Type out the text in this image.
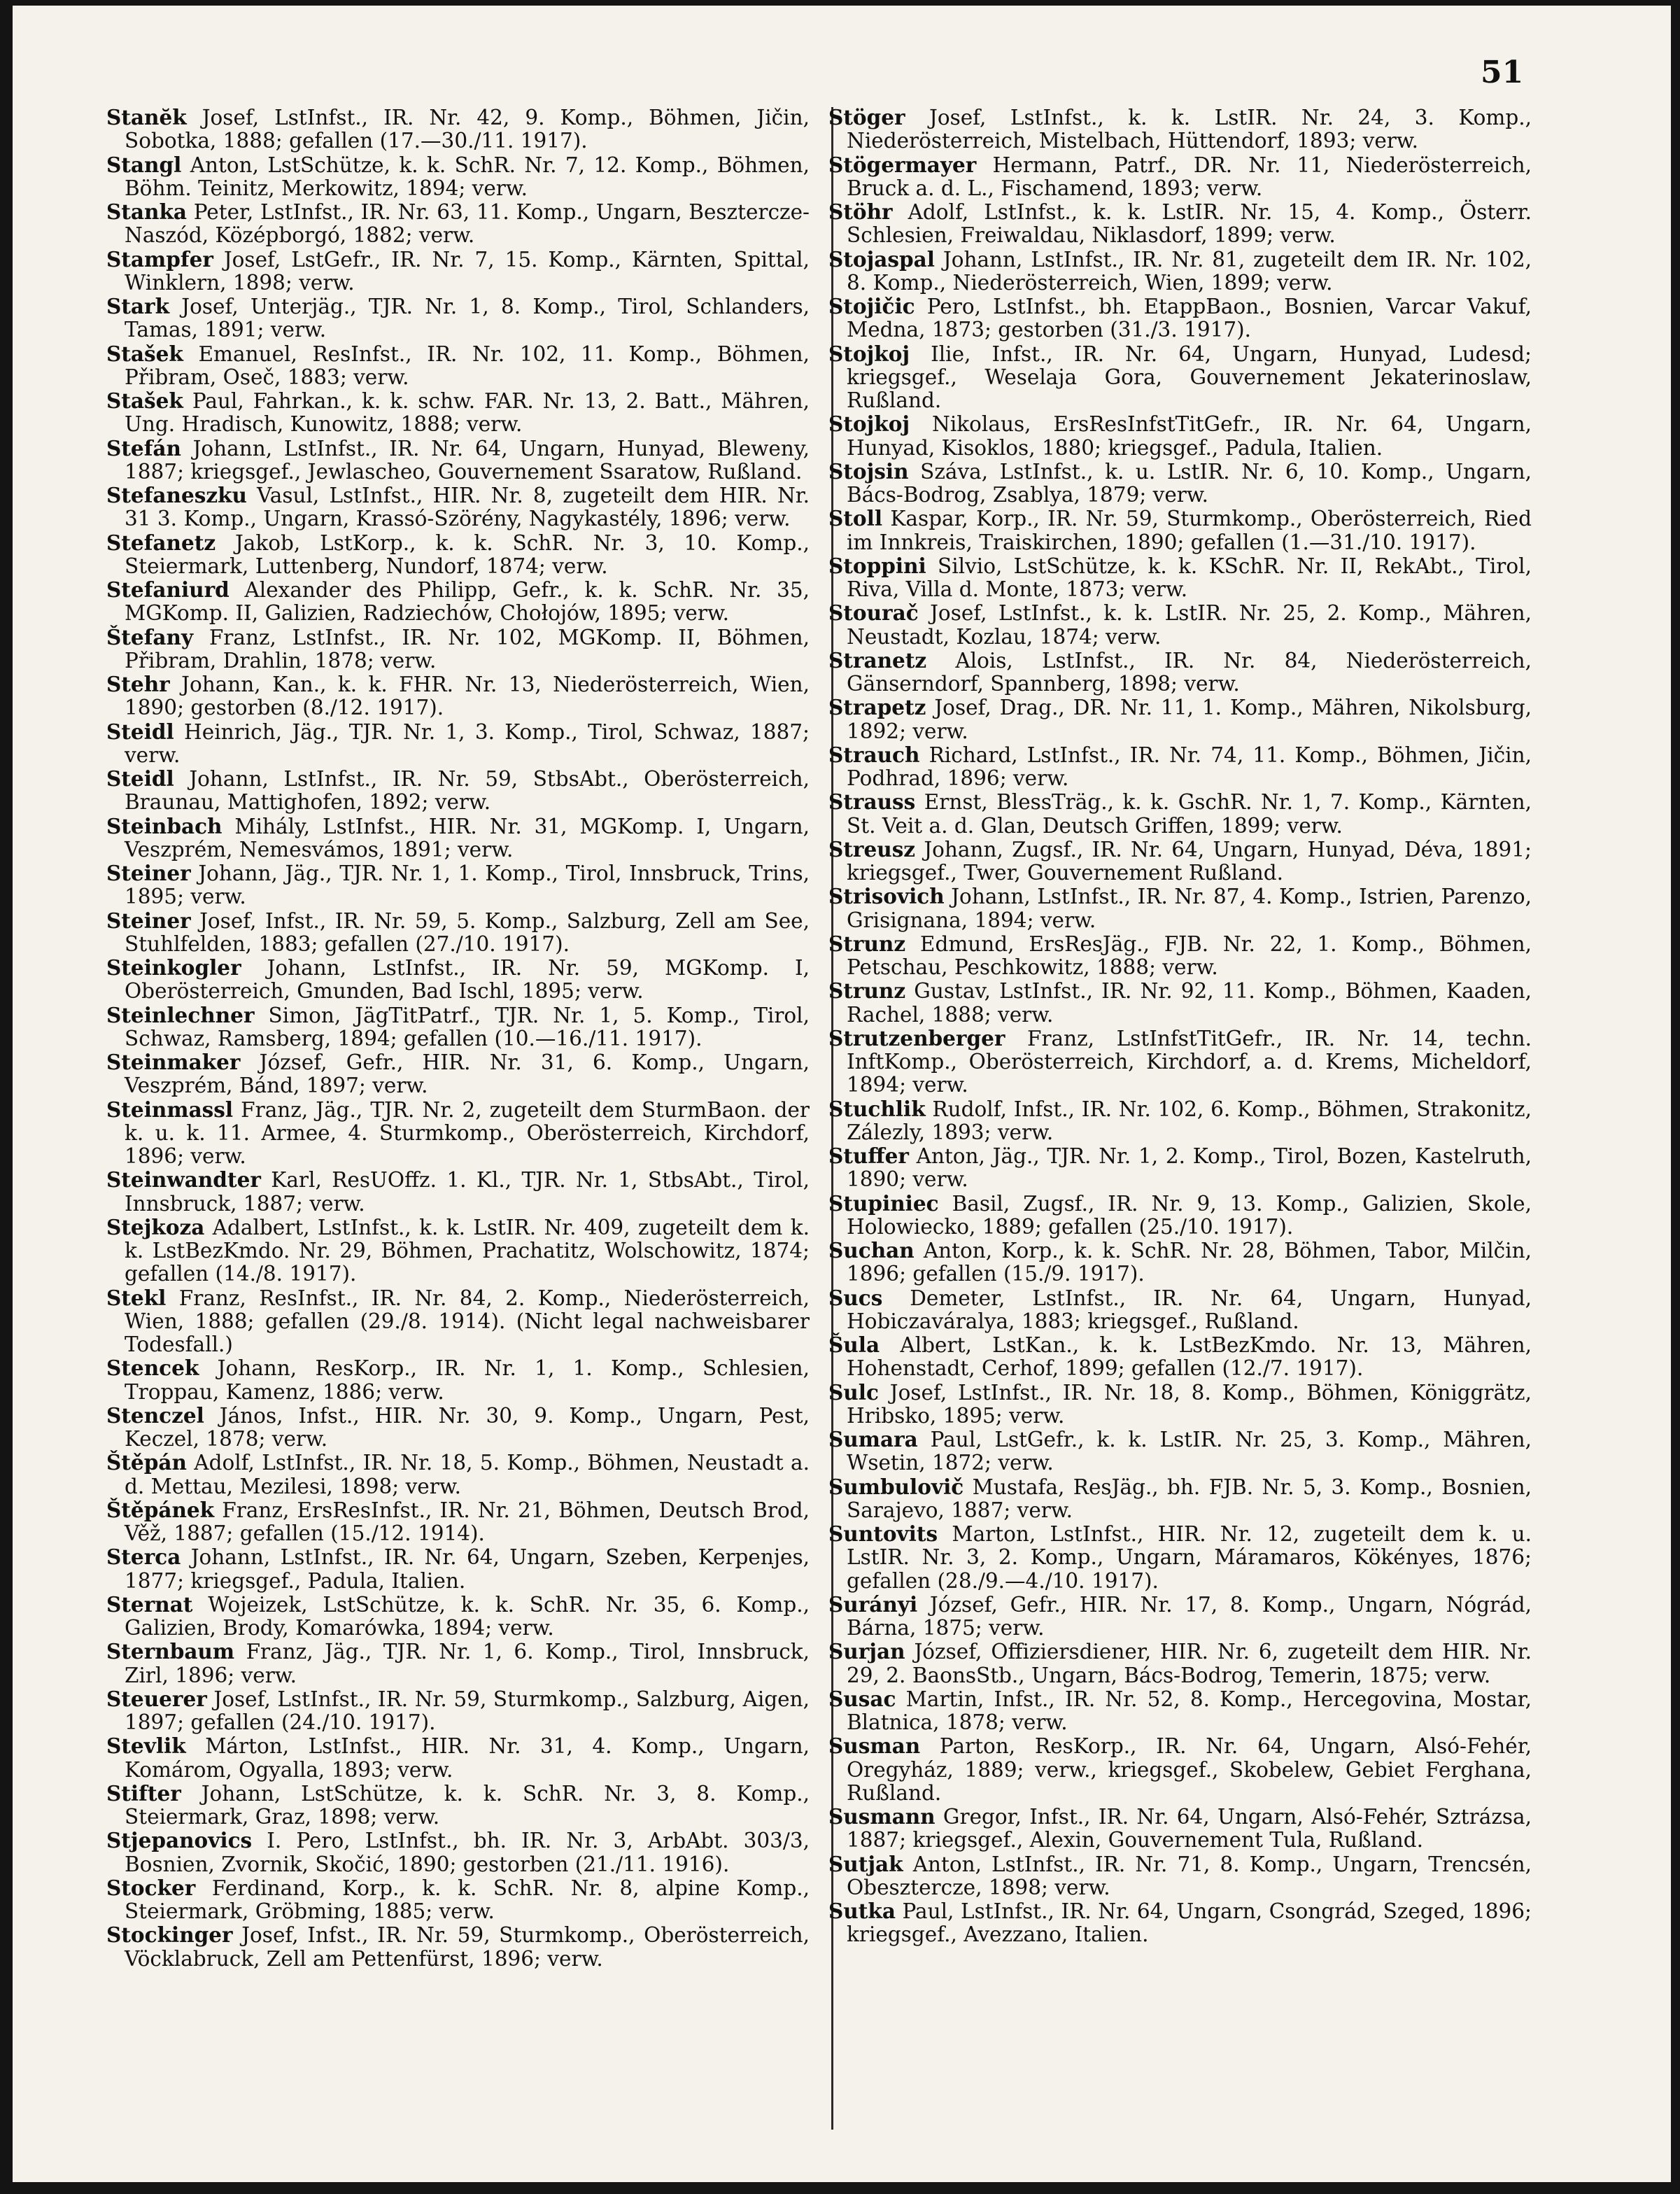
51

Stanĕk Josef, LstInfst., IR. Nr. 42, 9. Komp., Böhmen, Jičin, Sobotka, 1888; gefallen (17.—30./11. 1917).

Stangl Anton, LstSchütze, k. k. SchR. Nr. 7, 12. Komp., Böhmen, Böhm. Teinitz, Merkowitz, 1894; verw.

Stanka Peter, LstInfst., IR. Nr. 63, 11. Komp., Ungarn, Besztercze-Naszód, Középborgó, 1882; verw.

Stampfer Josef, LstGefr., IR. Nr. 7, 15. Komp., Kärnten, Spittal, Winklern, 1898; verw.

Stark Josef, Unterjäg., TJR. Nr. 1, 8. Komp., Tirol, Schlanders, Tamas, 1891; verw.

Stašek Emanuel, ResInfst., IR. Nr. 102, 11. Komp., Böhmen, Přibram, Oseč, 1883; verw.

Stašek Paul, Fahrkan., k. k. schw. FAR. Nr. 13, 2. Batt., Mähren, Ung. Hradisch, Kunowitz, 1888; verw.

Stefán Johann, LstInfst., IR. Nr. 64, Ungarn, Hunyad, Bleweny, 1887; kriegsgef., Jewlascheo, Gouvernement Ssaratow, Rußland.

Stefaneszku Vasul, LstInfst., HIR. Nr. 8, zugeteilt dem HIR. Nr. 31 3. Komp., Ungarn, Krassó-Szörény, Nagykastély, 1896; verw.

Stefanetz Jakob, LstKorp., k. k. SchR. Nr. 3, 10. Komp., Steiermark, Luttenberg, Nundorf, 1874; verw.

Stefaniurd Alexander des Philipp, Gefr., k. k. SchR. Nr. 35, MGKomp. II, Galizien, Radziechów, Chołojów, 1895; verw.

Štefany Franz, LstInfst., IR. Nr. 102, MGKomp. II, Böhmen, Přibram, Drahlin, 1878; verw.

Stehr Johann, Kan., k. k. FHR. Nr. 13, Niederösterreich, Wien, 1890; gestorben (8./12. 1917).

Steidl Heinrich, Jäg., TJR. Nr. 1, 3. Komp., Tirol, Schwaz, 1887; verw.

Steidl Johann, LstInfst., IR. Nr. 59, StbsAbt., Oberösterreich, Braunau, Mattighofen, 1892; verw.

Steinbach Mihály, LstInfst., HIR. Nr. 31, MGKomp. I, Ungarn, Veszprém, Nemesvámos, 1891; verw.

Steiner Johann, Jäg., TJR. Nr. 1, 1. Komp., Tirol, Innsbruck, Trins, 1895; verw.

Steiner Josef, Infst., IR. Nr. 59, 5. Komp., Salzburg, Zell am See, Stuhlfelden, 1883; gefallen (27./10. 1917).

Steinkogler Johann, LstInfst., IR. Nr. 59, MGKomp. I, Oberösterreich, Gmunden, Bad Ischl, 1895; verw.

Steinlechner Simon, JägTitPatrf., TJR. Nr. 1, 5. Komp., Tirol, Schwaz, Ramsberg, 1894; gefallen (10.—16./11. 1917).

Steinmaker József, Gefr., HIR. Nr. 31, 6. Komp., Ungarn, Veszprém, Bánd, 1897; verw.

Steinmassl Franz, Jäg., TJR. Nr. 2, zugeteilt dem SturmBaon. der k. u. k. 11. Armee, 4. Sturmkomp., Oberösterreich, Kirchdorf, 1896; verw.

Steinwandter Karl, ResUOffz. 1. Kl., TJR. Nr. 1, StbsAbt., Tirol, Innsbruck, 1887; verw.

Stejkoza Adalbert, LstInfst., k. k. LstIR. Nr. 409, zugeteilt dem k. k. LstBezKmdo. Nr. 29, Böhmen, Prachatitz, Wolschowitz, 1874; gefallen (14./8. 1917).

Stekl Franz, ResInfst., IR. Nr. 84, 2. Komp., Niederösterreich, Wien, 1888; gefallen (29./8. 1914). (Nicht legal nachweisbarer Todesfall.)

Stencek Johann, ResKorp., IR. Nr. 1, 1. Komp., Schlesien, Troppau, Kamenz, 1886; verw.

Stenczel János, Infst., HIR. Nr. 30, 9. Komp., Ungarn, Pest, Keczel, 1878; verw.

Štěpán Adolf, LstInfst., IR. Nr. 18, 5. Komp., Böhmen, Neustadt a. d. Mettau, Mezilesi, 1898; verw.

Štěpánek Franz, ErsResInfst., IR. Nr. 21, Böhmen, Deutsch Brod, Věž, 1887; gefallen (15./12. 1914).

Sterca Johann, LstInfst., IR. Nr. 64, Ungarn, Szeben, Kerpenjes, 1877; kriegsgef., Padula, Italien.

Sternat Wojeizek, LstSchütze, k. k. SchR. Nr. 35, 6. Komp., Galizien, Brody, Komarówka, 1894; verw.

Sternbaum Franz, Jäg., TJR. Nr. 1, 6. Komp., Tirol, Innsbruck, Zirl, 1896; verw.

Steuerer Josef, LstInfst., IR. Nr. 59, Sturmkomp., Salzburg, Aigen, 1897; gefallen (24./10. 1917).

Stevlik Márton, LstInfst., HIR. Nr. 31, 4. Komp., Ungarn, Komárom, Ogyalla, 1893; verw.

Stifter Johann, LstSchütze, k. k. SchR. Nr. 3, 8. Komp., Steiermark, Graz, 1898; verw.

Stjepanovics I. Pero, LstInfst., bh. IR. Nr. 3, ArbAbt. 303/3, Bosnien, Zvornik, Skočić, 1890; gestorben (21./11. 1916).

Stocker Ferdinand, Korp., k. k. SchR. Nr. 8, alpine Komp., Steiermark, Gröbming, 1885; verw.

Stockinger Josef, Infst., IR. Nr. 59, Sturmkomp., Oberösterreich, Vöcklabruck, Zell am Pettenfürst, 1896; verw.

Stöger Josef, LstInfst., k. k. LstIR. Nr. 24, 3. Komp., Niederösterreich, Mistelbach, Hüttendorf, 1893; verw.

Stögermayer Hermann, Patrf., DR. Nr. 11, Niederösterreich, Bruck a. d. L., Fischamend, 1893; verw.

Stöhr Adolf, LstInfst., k. k. LstIR. Nr. 15, 4. Komp., Österr. Schlesien, Freiwaldau, Niklasdorf, 1899; verw.

Stojaspal Johann, LstInfst., IR. Nr. 81, zugeteilt dem IR. Nr. 102, 8. Komp., Niederösterreich, Wien, 1899; verw.

Stojičic Pero, LstInfst., bh. EtappBaon., Bosnien, Varcar Vakuf, Medna, 1873; gestorben (31./3. 1917).

Stojkoj Ilie, Infst., IR. Nr. 64, Ungarn, Hunyad, Ludesd; kriegsgef., Weselaja Gora, Gouvernement Jekaterinoslaw, Rußland.

Stojkoj Nikolaus, ErsResInfstTitGefr., IR. Nr. 64, Ungarn, Hunyad, Kisoklos, 1880; kriegsgef., Padula, Italien.

Stojsin Száva, LstInfst., k. u. LstIR. Nr. 6, 10. Komp., Ungarn, Bács-Bodrog, Zsablya, 1879; verw.

Stoll Kaspar, Korp., IR. Nr. 59, Sturmkomp., Oberösterreich, Ried im Innkreis, Traiskirchen, 1890; gefallen (1.—31./10. 1917).

Stoppini Silvio, LstSchütze, k. k. KSchR. Nr. II, RekAbt., Tirol, Riva, Villa d. Monte, 1873; verw.

Stourač Josef, LstInfst., k. k. LstIR. Nr. 25, 2. Komp., Mähren, Neustadt, Kozlau, 1874; verw.

Stranetz Alois, LstInfst., IR. Nr. 84, Niederösterreich, Gänserndorf, Spannberg, 1898; verw.

Strapetz Josef, Drag., DR. Nr. 11, 1. Komp., Mähren, Nikolsburg, 1892; verw.

Strauch Richard, LstInfst., IR. Nr. 74, 11. Komp., Böhmen, Jičin, Podhrad, 1896; verw.

Strauss Ernst, BlessTräg., k. k. GschR. Nr. 1, 7. Komp., Kärnten, St. Veit a. d. Glan, Deutsch Griffen, 1899; verw.

Streusz Johann, Zugsf., IR. Nr. 64, Ungarn, Hunyad, Déva, 1891; kriegsgef., Twer, Gouvernement Rußland.

Strisovich Johann, LstInfst., IR. Nr. 87, 4. Komp., Istrien, Parenzo, Grisignana, 1894; verw.

Strunz Edmund, ErsResJäg., FJB. Nr. 22, 1. Komp., Böhmen, Petschau, Peschkowitz, 1888; verw.

Strunz Gustav, LstInfst., IR. Nr. 92, 11. Komp., Böhmen, Kaaden, Rachel, 1888; verw.

Strutzenberger Franz, LstInfstTitGefr., IR. Nr. 14, techn. InftKomp., Oberösterreich, Kirchdorf, a. d. Krems, Micheldorf, 1894; verw.

Stuchlik Rudolf, Infst., IR. Nr. 102, 6. Komp., Böhmen, Strakonitz, Zálezly, 1893; verw.

Stuffer Anton, Jäg., TJR. Nr. 1, 2. Komp., Tirol, Bozen, Kastelruth, 1890; verw.

Stupiniec Basil, Zugsf., IR. Nr. 9, 13. Komp., Galizien, Skole, Holowiecko, 1889; gefallen (25./10. 1917).

Suchan Anton, Korp., k. k. SchR. Nr. 28, Böhmen, Tabor, Milčin, 1896; gefallen (15./9. 1917).

Sucs Demeter, LstInfst., IR. Nr. 64, Ungarn, Hunyad, Hobiczaváralya, 1883; kriegsgef., Rußland.

Šula Albert, LstKan., k. k. LstBezKmdo. Nr. 13, Mähren, Hohenstadt, Cerhof, 1899; gefallen (12./7. 1917).

Sulc Josef, LstInfst., IR. Nr. 18, 8. Komp., Böhmen, Königgrätz, Hribsko, 1895; verw.

Sumara Paul, LstGefr., k. k. LstIR. Nr. 25, 3. Komp., Mähren, Wsetin, 1872; verw.

Sumbulovič Mustafa, ResJäg., bh. FJB. Nr. 5, 3. Komp., Bosnien, Sarajevo, 1887; verw.

Suntovits Marton, LstInfst., HIR. Nr. 12, zugeteilt dem k. u. LstIR. Nr. 3, 2. Komp., Ungarn, Máramaros, Kökényes, 1876; gefallen (28./9.—4./10. 1917).

Surányi József, Gefr., HIR. Nr. 17, 8. Komp., Ungarn, Nógrád, Bárna, 1875; verw.

Surjan József, Offiziersdiener, HIR. Nr. 6, zugeteilt dem HIR. Nr. 29, 2. BaonsStb., Ungarn, Bács-Bodrog, Temerin, 1875; verw.

Susac Martin, Infst., IR. Nr. 52, 8. Komp., Hercegovina, Mostar, Blatnica, 1878; verw.

Susman Parton, ResKorp., IR. Nr. 64, Ungarn, Alsó-Fehér, Oregyház, 1889; verw., kriegsgef., Skobelew, Gebiet Ferghana, Rußland.

Susmann Gregor, Infst., IR. Nr. 64, Ungarn, Alsó-Fehér, Sztrázsa, 1887; kriegsgef., Alexin, Gouvernement Tula, Rußland.

Sutjak Anton, LstInfst., IR. Nr. 71, 8. Komp., Ungarn, Trencsén, Obesztercze, 1898; verw.

Sutka Paul, LstInfst., IR. Nr. 64, Ungarn, Csongrád, Szeged, 1896; kriegsgef., Avezzano, Italien.
